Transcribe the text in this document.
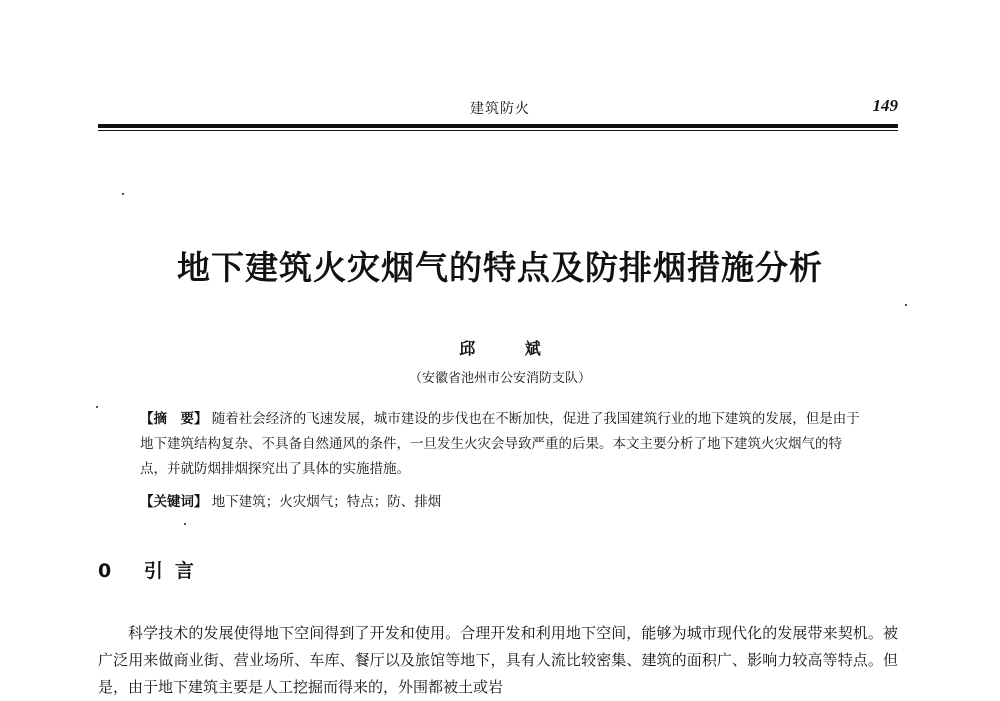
建筑防火	149
地下建筑火灾烟气的特点及防排烟措施分析
邱 斌
（安徽省池州市公安消防支队）
【摘　要】 随着社会经济的飞速发展，城市建设的步伐也在不断加快，促进了我国建筑行业的地下建筑的发展，但是由于地下建筑结构复杂、不具备自然通风的条件，一旦发生火灾会导致严重的后果。本文主要分析了地下建筑火灾烟气的特点，并就防烟排烟探究出了具体的实施措施。
【关键词】 地下建筑；火灾烟气；特点；防、排烟
0 引言
科学技术的发展使得地下空间得到了开发和使用。合理开发和利用地下空间，能够为城市现代化的发展带来契机。被广泛用来做商业街、营业场所、车库、餐厅以及旅馆等地下，具有人流比较密集、建筑的面积广、影响力较高等特点。但是，由于地下建筑主要是人工挖掘而得来的，外围都被土或岩
